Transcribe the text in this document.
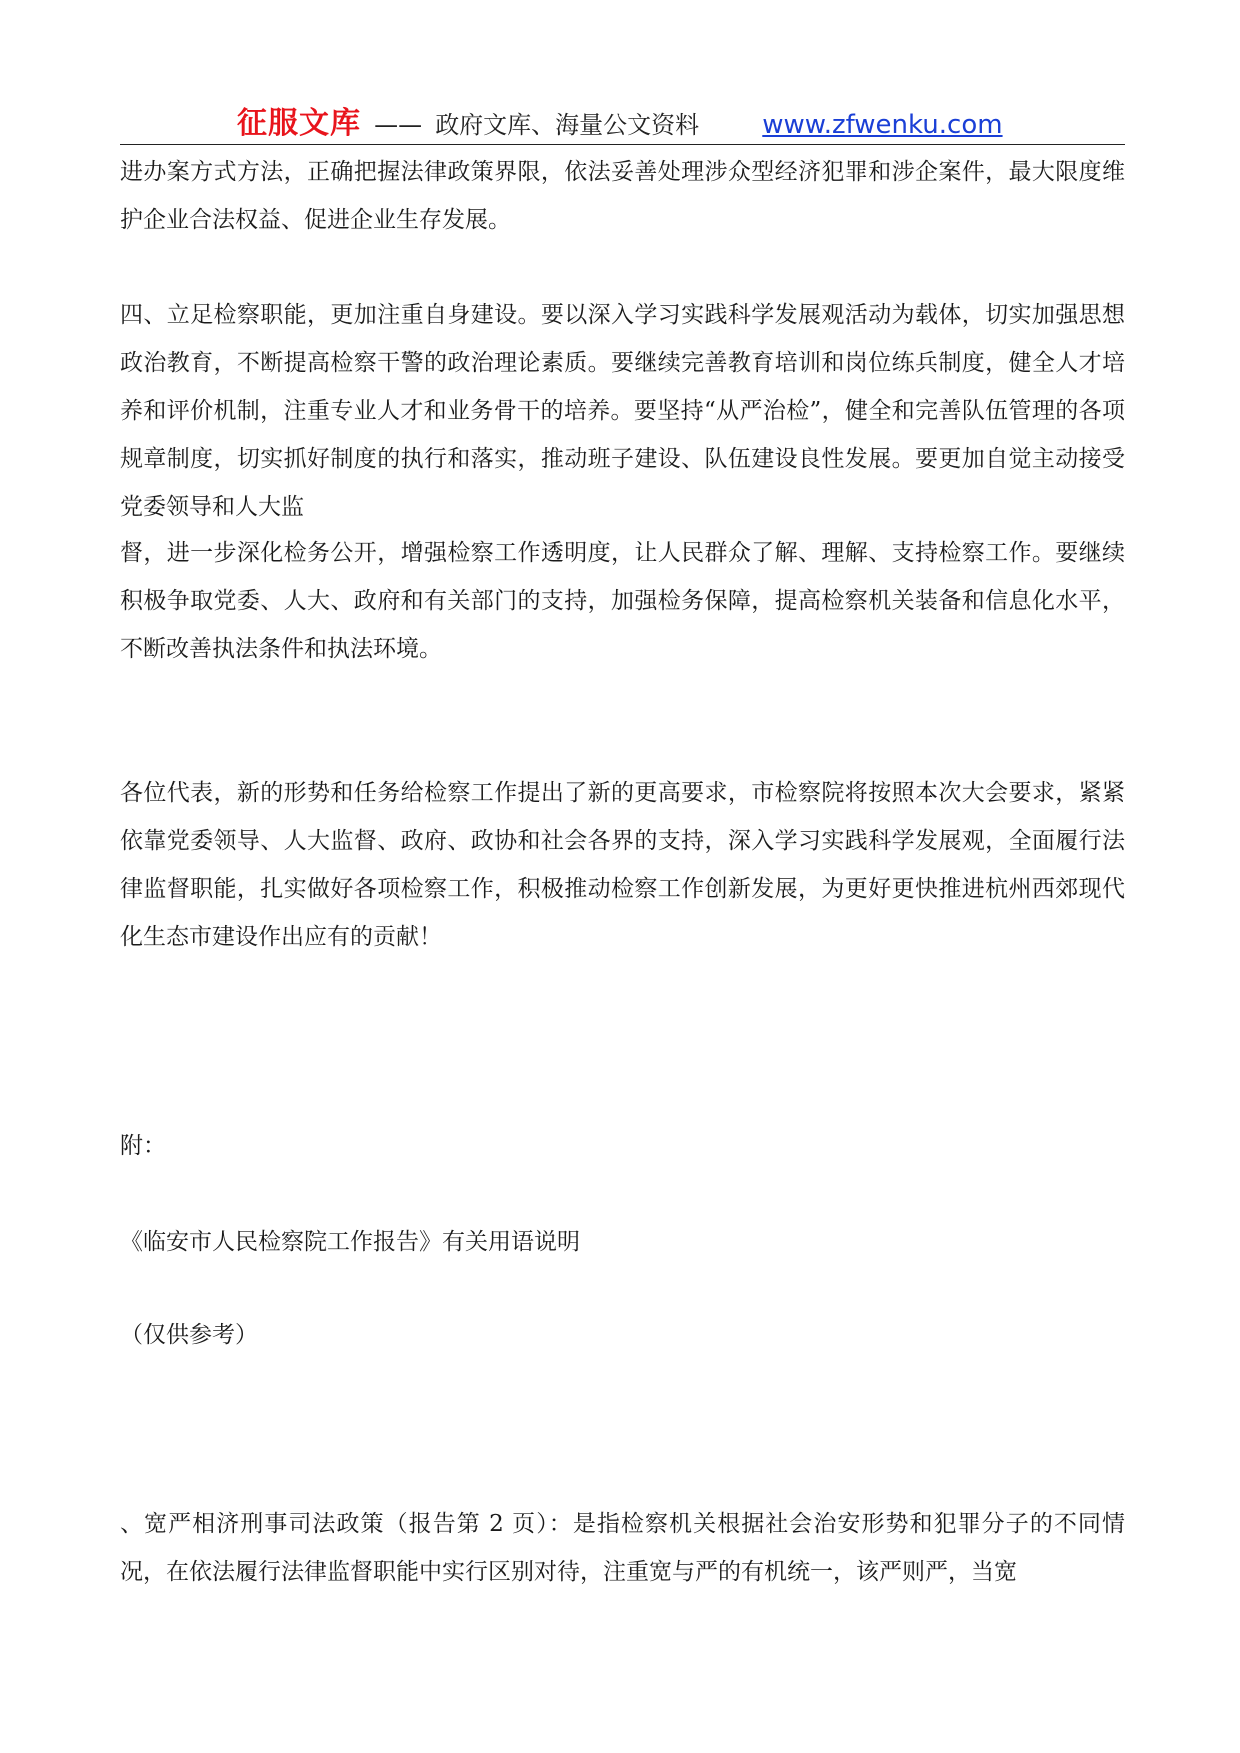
征服文库 —— 政府文库、海量公文资料 www.zfwenku.com

进办案方式方法，正确把握法律政策界限，依法妥善处理涉众型经济犯罪和涉企案件，最大限度维护企业合法权益、促进企业生存发展。

四、立足检察职能，更加注重自身建设。要以深入学习实践科学发展观活动为载体，切实加强思想政治教育，不断提高检察干警的政治理论素质。要继续完善教育培训和岗位练兵制度，健全人才培养和评价机制，注重专业人才和业务骨干的培养。要坚持“从严治检”，健全和完善队伍管理的各项规章制度，切实抓好制度的执行和落实，推动班子建设、队伍建设良性发展。要更加自觉主动接受党委领导和人大监

督，进一步深化检务公开，增强检察工作透明度，让人民群众了解、理解、支持检察工作。要继续积极争取党委、人大、政府和有关部门的支持，加强检务保障，提高检察机关装备和信息化水平，不断改善执法条件和执法环境。

各位代表，新的形势和任务给检察工作提出了新的更高要求，市检察院将按照本次大会要求，紧紧依靠党委领导、人大监督、政府、政协和社会各界的支持，深入学习实践科学发展观，全面履行法律监督职能，扎实做好各项检察工作，积极推动检察工作创新发展，为更好更快推进杭州西郊现代化生态市建设作出应有的贡献！

附：

《临安市人民检察院工作报告》有关用语说明

（仅供参考）

、宽严相济刑事司法政策（报告第 2 页）：是指检察机关根据社会治安形势和犯罪分子的不同情况，在依法履行法律监督职能中实行区别对待，注重宽与严的有机统一，该严则严，当宽
